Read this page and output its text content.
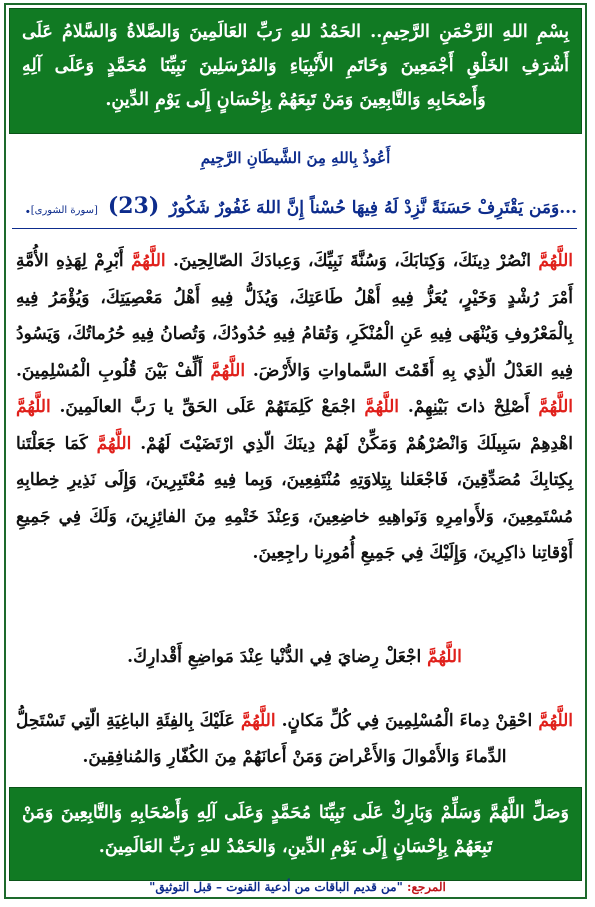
بِسْمِ اللهِ الرَّحْمَنِ الرَّحِيمِ.. الحَمْدُ للهِ رَبِّ العَالَمِينَ وَالصَّلاةُ وَالسَّلامُ عَلَى أَشْرَفِ الخَلْقِ أَجْمَعِينَ وَخَاتَمِ الأَنْبِيَاءِ وَالمُرْسَلِينَ نَبِيِّنَا مُحَمَّدٍ وَعَلَى آلِهِ وَأَصْحَابِهِ وَالتَّابِعِينَ وَمَنْ تَبِعَهُمْ بِإِحْسَانٍ إِلَى يَوْمِ الدِّينِ.
أَعُوذُ بِاللهِ مِنَ الشَّيطَانِ الرَّجِيمِ
...وَمَن يَقْتَرِفْ حَسَنَةً نَّزِدْ لَهُ فِيهَا حُسْناً إِنَّ اللهَ غَفُورٌ شَكُورٌ (23) [سورة الشورى].
اللَّهُمَّ انْصُرْ دِينَكَ، وَكِتابَكَ، وَسُنَّةَ نَبِيِّكَ، وَعِبادَكَ الصّالِحِينَ. اللَّهُمَّ أَبْرِمْ لِهَذِهِ الأُمَّةِ أَمْرَ رُشْدٍ وَخَيْرٍ، يُعَزُّ فِيهِ أَهْلُ طَاعَتِكَ، وَيُذَلُّ فِيهِ أَهْلُ مَعْصِيَتِكَ، وَيُؤْمَرُ فِيهِ بِالْمَعْرُوفِ وَيُنْهَى فِيهِ عَنِ الْمُنْكَرِ، وَتُقامُ فِيهِ حُدُودُكَ، وَتُصانُ فِيهِ حُرُماتُكَ، وَيَسُودُ فِيهِ العَدْلُ الّذِي بِهِ أَقَمْتَ السَّماواتِ وَالأَرْضَ. اللَّهُمَّ أَلِّفْ بَيْنَ قُلُوبِ الْمُسْلِمِينَ. اللَّهُمَّ أَصْلِحْ ذاتَ بَيْنِهِمْ. اللَّهُمَّ اجْمَعْ كَلِمَتَهُمْ عَلَى الحَقِّ يا رَبَّ العالَمِينَ. اللَّهُمَّ اهْدِهِمْ سَبِيلَكَ وَانْصُرْهُمْ وَمَكِّنْ لَهُمْ دِينَكَ الّذِي ارْتَضَيْتَ لَهُمْ. اللَّهُمَّ كَمَا جَعَلْتَنا بِكِتابِكَ مُصَدِّقِينَ، فَاجْعَلنا بِتِلاوَتِهِ مُنْتَفِعِينَ، وَبِما فِيهِ مُعْتَبِرِينَ، وَإِلَى نَذِيرِ خِطابِهِ مُسْتَمِعِينَ، وَلأَوامِرِهِ وَنَواهِيهِ خاضِعِينَ، وَعِنْدَ خَتْمِهِ مِنَ الفائِزِينَ، وَلَكَ فِي جَمِيعِ أَوْقاتِنا ذاكِرِينَ، وَإِلَيْكَ فِي جَمِيعِ أُمُورِنا راجِعِينَ.
اللَّهُمَّ اجْعَلْ رِضايَ فِي الدُّنْيا عِنْدَ مَواضِعِ أَقْدارِكَ.
اللَّهُمَّ احْقِنْ دِماءَ الْمُسْلِمِينَ فِي كُلِّ مَكانٍ. اللَّهُمَّ عَلَيْكَ بِالفِئَةِ الباغِيَةِ الّتِي تَسْتَحِلُّ الدِّماءَ وَالأَمْوالَ وَالأَعْراضَ وَمَنْ أَعانَهُمْ مِنَ الكُفّارِ وَالمُنافِقِينَ.
وَصَلِّ اللَّهُمَّ وَسَلِّمْ وَبَارِكْ عَلَى نَبِيِّنَا مُحَمَّدٍ وَعَلَى آلِهِ وَأَصْحَابِهِ وَالتَّابِعِينَ وَمَنْ تَبِعَهُمْ بِإِحْسَانٍ إِلَى يَوْمِ الدِّينِ، وَالحَمْدُ للهِ رَبِّ العَالَمِينَ.
المرجع: "من قديم الباقات من أدعية القنوت – قبل التوثيق"
